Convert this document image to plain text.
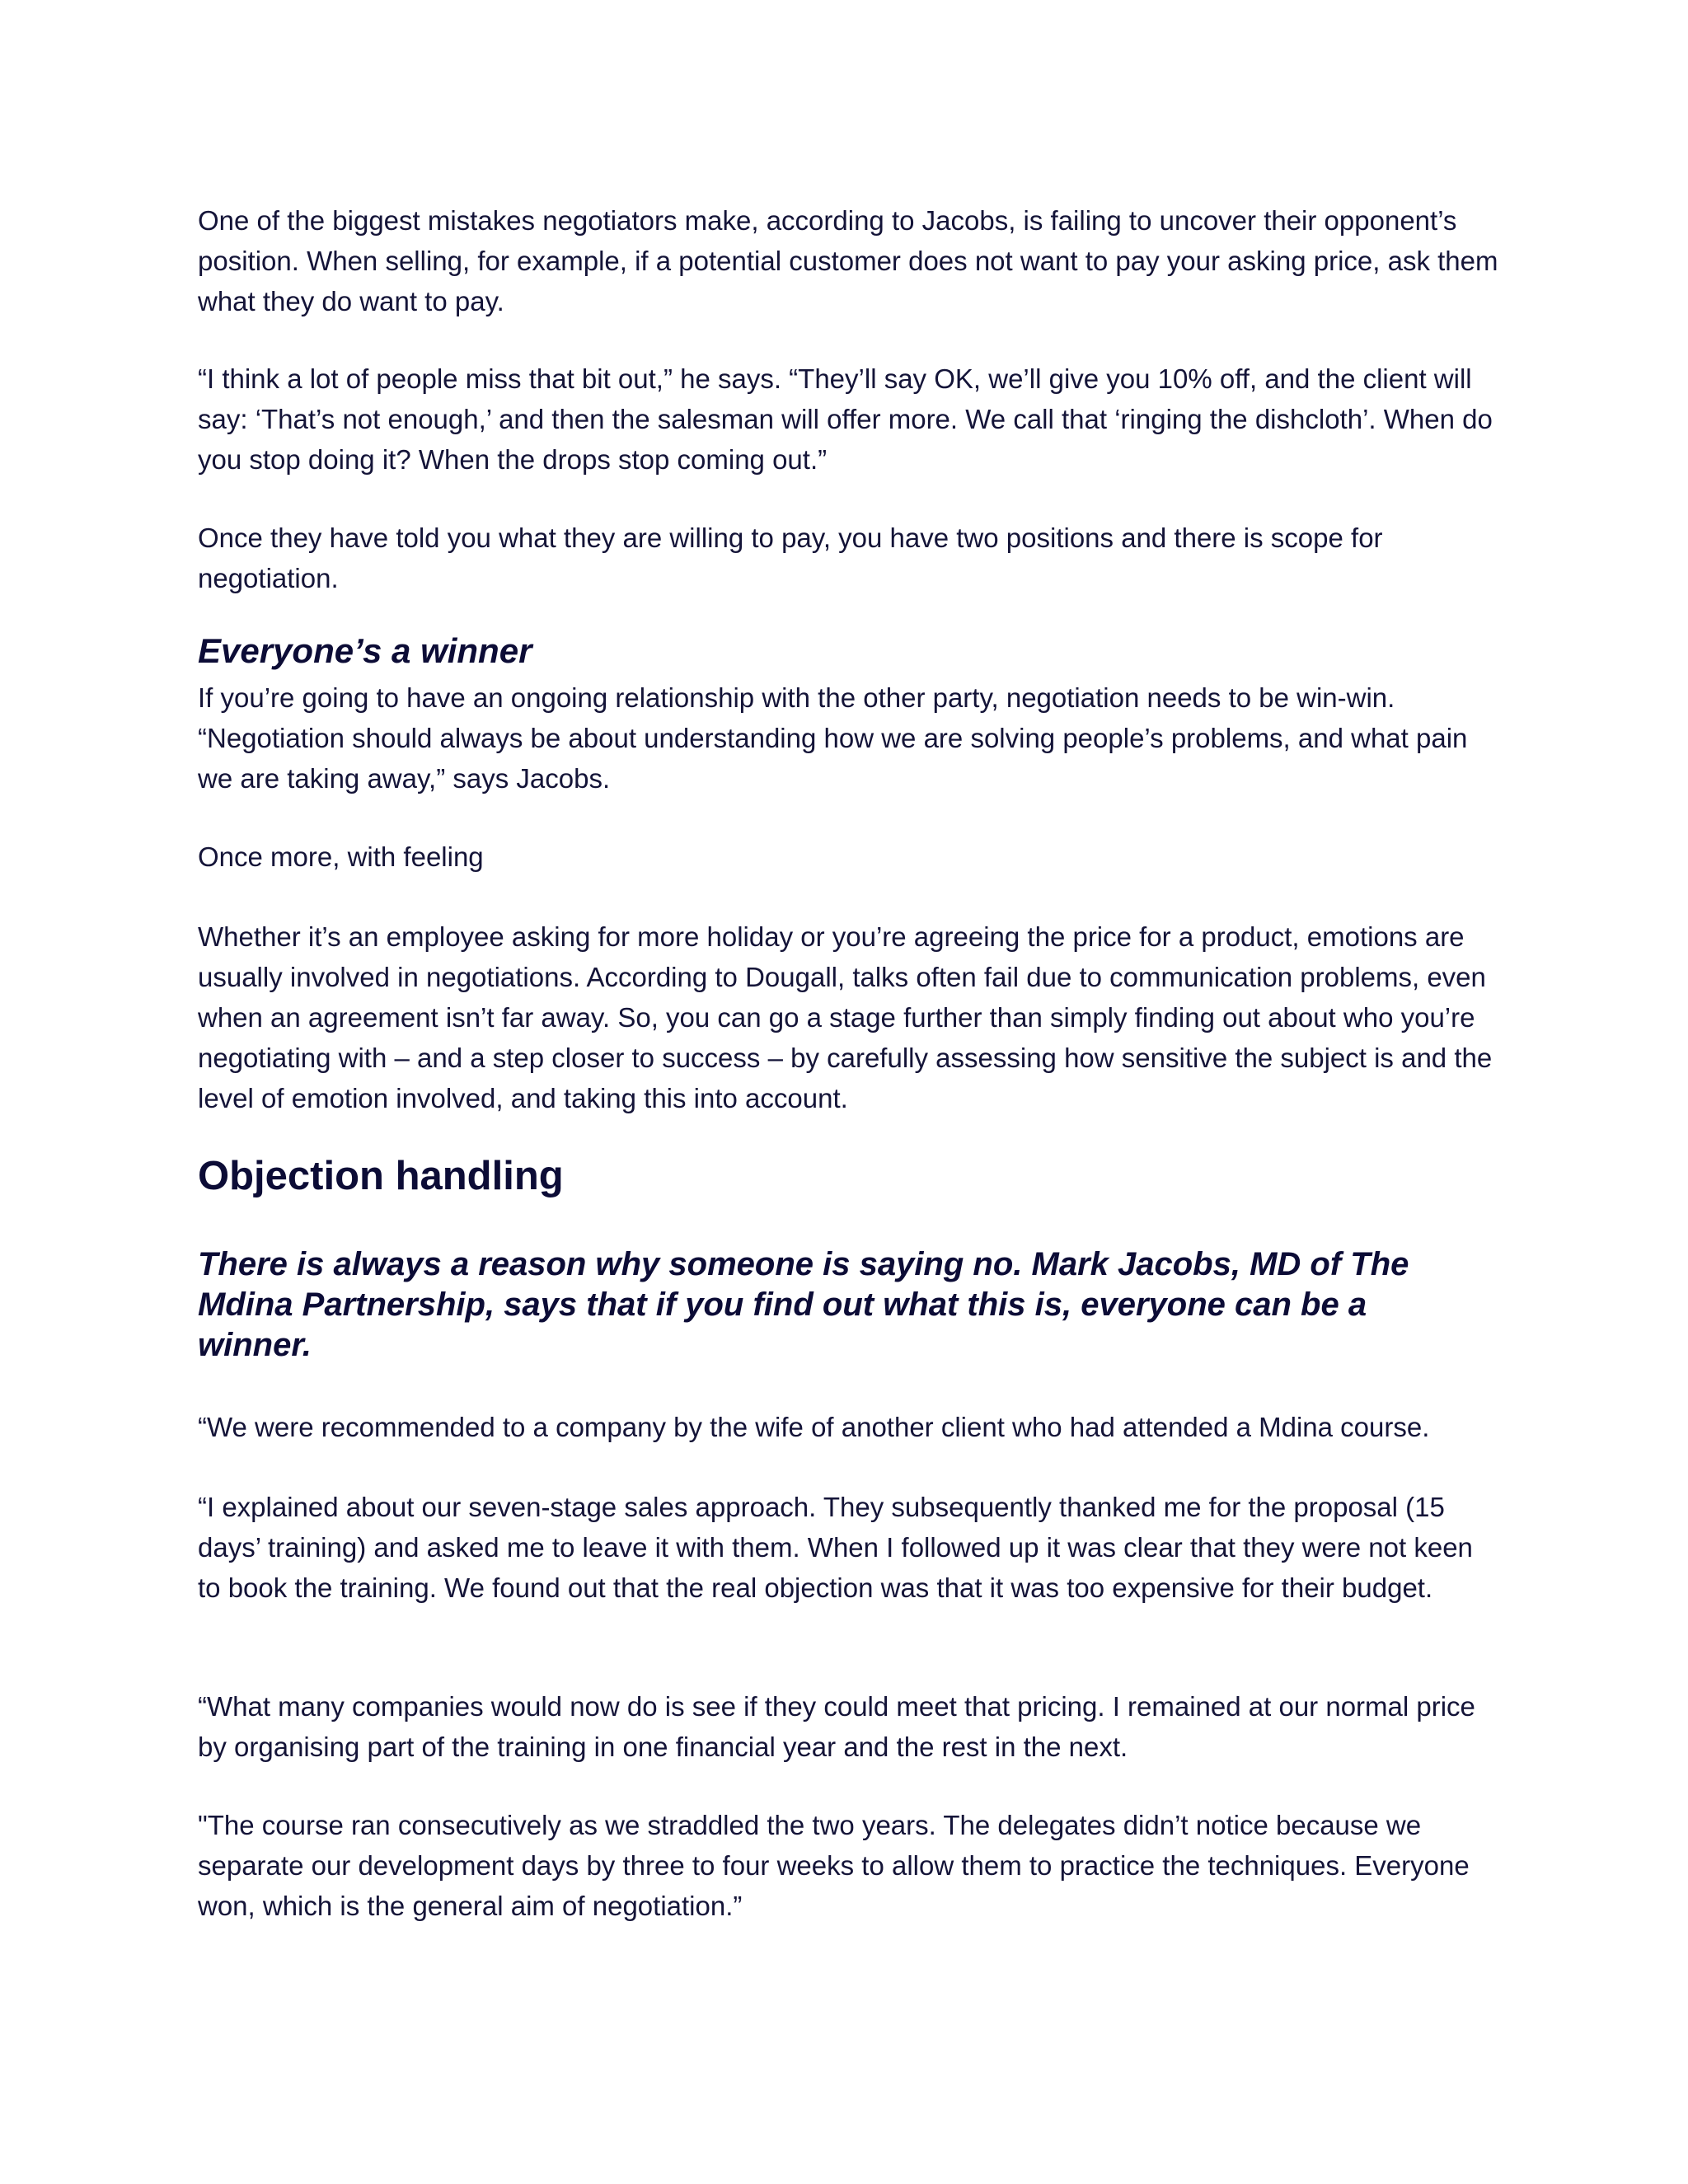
One of the biggest mistakes negotiators make, according to Jacobs, is failing to uncover their opponent’s position. When selling, for example, if a potential customer does not want to pay your asking price, ask them what they do want to pay.

“I think a lot of people miss that bit out,” he says. “They’ll say OK, we’ll give you 10% off, and the client will say: ‘That’s not enough,’ and then the salesman will offer more. We call that ‘ringing the dishcloth’. When do you stop doing it? When the drops stop coming out.”

Once they have told you what they are willing to pay, you have two positions and there is scope for negotiation.

Everyone’s a winner

If you’re going to have an ongoing relationship with the other party, negotiation needs to be win-win. “Negotiation should always be about understanding how we are solving people’s problems, and what pain we are taking away,” says Jacobs.

Once more, with feeling

Whether it’s an employee asking for more holiday or you’re agreeing the price for a product, emotions are usually involved in negotiations. According to Dougall, talks often fail due to communication problems, even when an agreement isn’t far away. So, you can go a stage further than simply finding out about who you’re negotiating with – and a step closer to success – by carefully assessing how sensitive the subject is and the level of emotion involved, and taking this into account.

Objection handling
There is always a reason why someone is saying no. Mark Jacobs, MD of The Mdina Partnership, says that if you find out what this is, everyone can be a winner.

“We were recommended to a company by the wife of another client who had attended a Mdina course.

“I explained about our seven-stage sales approach. They subsequently thanked me for the proposal (15 days’ training) and asked me to leave it with them. When I followed up it was clear that they were not keen to book the training. We found out that the real objection was that it was too expensive for their budget.

“What many companies would now do is see if they could meet that pricing. I remained at our normal price by organising part of the training in one financial year and the rest in the next.

"The course ran consecutively as we straddled the two years. The delegates didn’t notice because we separate our development days by three to four weeks to allow them to practice the techniques. Everyone won, which is the general aim of negotiation.”
